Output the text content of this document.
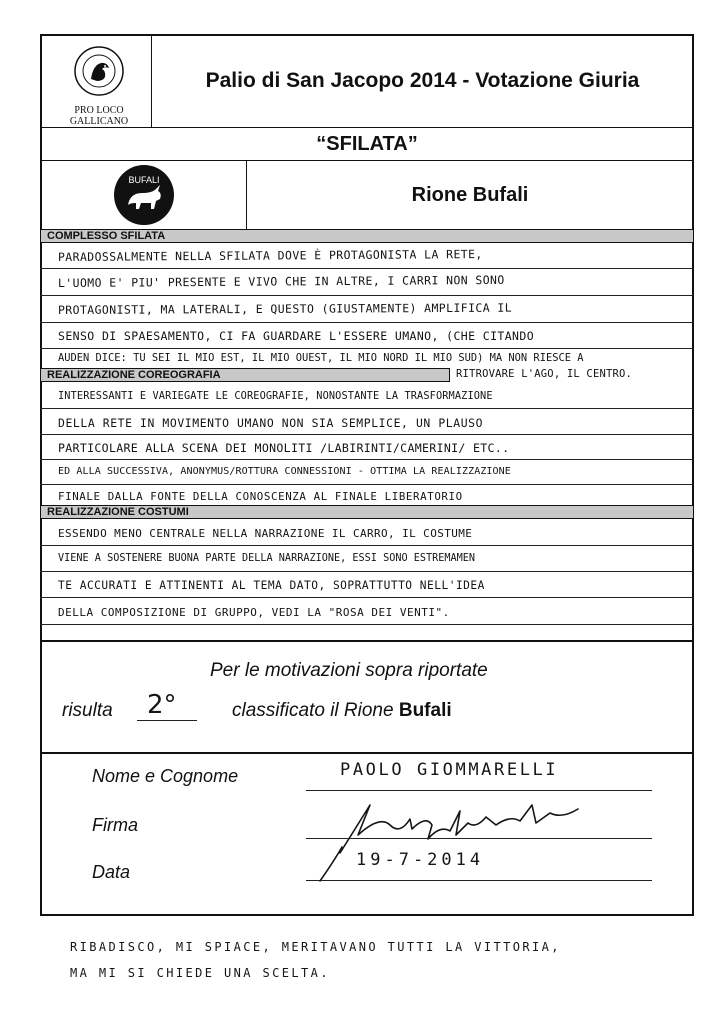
PRO LOCO
GALLICANO
Palio di San Jacopo 2014 - Votazione Giuria
“SFILATA”
BUFALI
Rione Bufali
COMPLESSO SFILATA
PARADOSSALMENTE NELLA SFILATA DOVE È PROTAGONISTA LA RETE,
L'UOMO E' PIU' PRESENTE E VIVO CHE IN ALTRE, I CARRI NON SONO
PROTAGONISTI, MA LATERALI, E QUESTO (GIUSTAMENTE) AMPLIFICA IL
SENSO DI SPAESAMENTO, CI FA GUARDARE L'ESSERE UMANO, (CHE CITANDO
AUDEN DICE: TU SEI IL MIO EST, IL MIO OUEST, IL MIO NORD IL MIO SUD) MA NON RIESCE A
RITROVARE L'AGO, IL CENTRO.
REALIZZAZIONE COREOGRAFIA
INTERESSANTI E VARIEGATE LE COREOGRAFIE, NONOSTANTE LA TRASFORMAZIONE
DELLA RETE IN MOVIMENTO UMANO NON SIA SEMPLICE, UN PLAUSO
PARTICOLARE ALLA SCENA DEI MONOLITI /LABIRINTI/CAMERINI/ ETC..
ED ALLA SUCCESSIVA, ANONYMUS/ROTTURA CONNESSIONI - OTTIMA LA REALIZZAZIONE
FINALE DALLA FONTE DELLA CONOSCENZA AL FINALE LIBERATORIO
REALIZZAZIONE COSTUMI
ESSENDO MENO CENTRALE NELLA NARRAZIONE IL CARRO, IL COSTUME
VIENE A SOSTENERE BUONA PARTE DELLA NARRAZIONE, ESSI SONO ESTREMAMEN
TE ACCURATI E ATTINENTI AL TEMA DATO, SOPRATTUTTO NELL'IDEA
DELLA COMPOSIZIONE DI GRUPPO, VEDI LA "ROSA DEI VENTI".
Per le motivazioni sopra riportate
risulta 2°	classificato il Rione Bufali
Nome e Cognome	PAOLO GIOMMARELLI
Firma
Data
19-7-2014
RIBADISCO, MI SPIACE, MERITAVANO TUTTI LA VITTORIA,
MA MI SI CHIEDE UNA SCELTA.
